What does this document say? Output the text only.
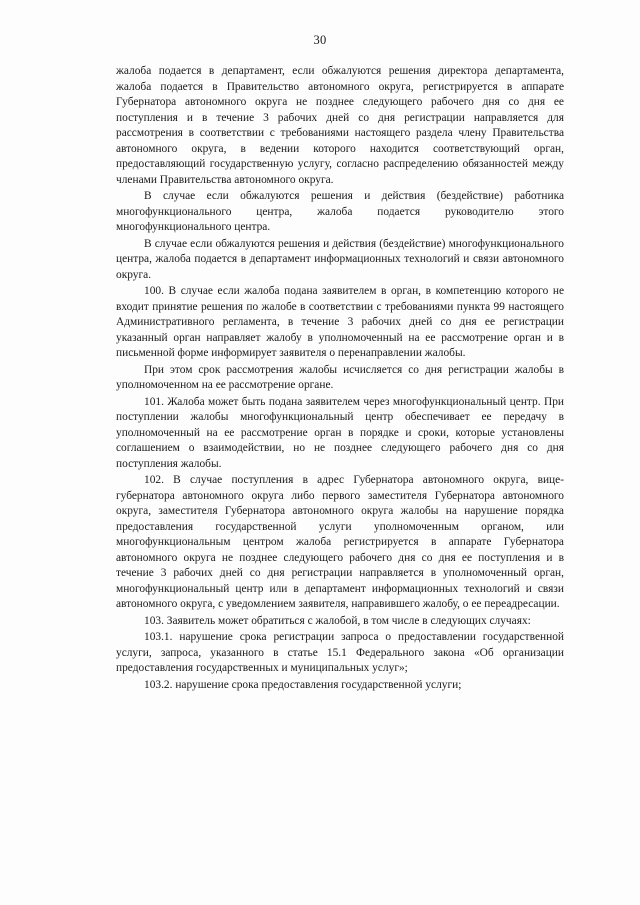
30

жалоба подается в департамент, если обжалуются решения директора департамента, жалоба подается в Правительство автономного округа, регистрируется в аппарате Губернатора автономного округа не позднее следующего рабочего дня со дня ее поступления и в течение 3 рабочих дней со дня регистрации направляется для рассмотрения в соответствии с требованиями настоящего раздела члену Правительства автономного округа, в ведении которого находится соответствующий орган, предоставляющий государственную услугу, согласно распределению обязанностей между членами Правительства автономного округа.

В случае если обжалуются решения и действия (бездействие) работника многофункционального центра, жалоба подается руководителю этого многофункционального центра.

В случае если обжалуются решения и действия (бездействие) многофункционального центра, жалоба подается в департамент информационных технологий и связи автономного округа.

100. В случае если жалоба подана заявителем в орган, в компетенцию которого не входит принятие решения по жалобе в соответствии с требованиями пункта 99 настоящего Административного регламента, в течение 3 рабочих дней со дня ее регистрации указанный орган направляет жалобу в уполномоченный на ее рассмотрение орган и в письменной форме информирует заявителя о перенаправлении жалобы.

При этом срок рассмотрения жалобы исчисляется со дня регистрации жалобы в уполномоченном на ее рассмотрение органе.

101. Жалоба может быть подана заявителем через многофункциональный центр. При поступлении жалобы многофункциональный центр обеспечивает ее передачу в уполномоченный на ее рассмотрение орган в порядке и сроки, которые установлены соглашением о взаимодействии, но не позднее следующего рабочего дня со дня поступления жалобы.

102. В случае поступления в адрес Губернатора автономного округа, вице-губернатора автономного округа либо первого заместителя Губернатора автономного округа, заместителя Губернатора автономного округа жалобы на нарушение порядка предоставления государственной услуги уполномоченным органом, или многофункциональным центром жалоба регистрируется в аппарате Губернатора автономного округа не позднее следующего рабочего дня со дня ее поступления и в течение 3 рабочих дней со дня регистрации направляется в уполномоченный орган, многофункциональный центр или в департамент информационных технологий и связи автономного округа, с уведомлением заявителя, направившего жалобу, о ее переадресации.

103. Заявитель может обратиться с жалобой, в том числе в следующих случаях:

103.1. нарушение срока регистрации запроса о предоставлении государственной услуги, запроса, указанного в статье 15.1 Федерального закона «Об организации предоставления государственных и муниципальных услуг»;

103.2. нарушение срока предоставления государственной услуги;
